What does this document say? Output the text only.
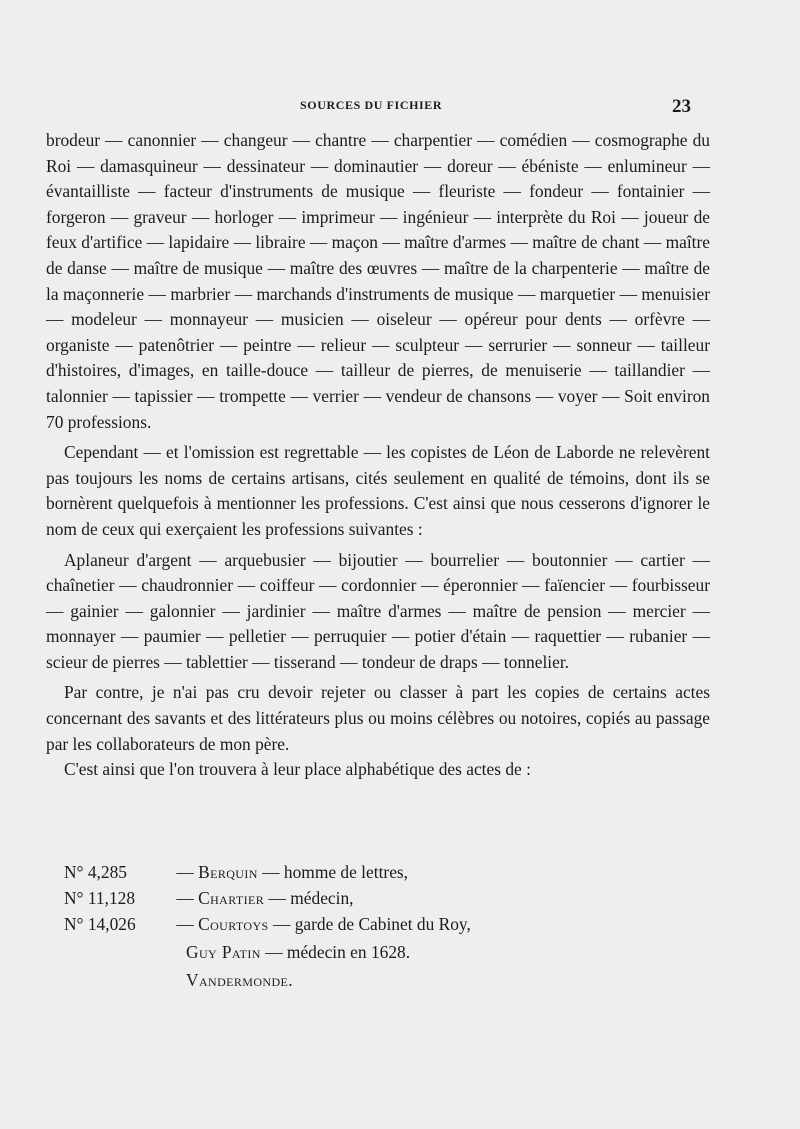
SOURCES DU FICHIER	23

brodeur — canonnier — changeur — chantre — charpentier — comédien — cosmographe du Roi — damasquineur — dessinateur — dominautier — doreur — ébéniste — enlumineur — évantailliste — facteur d'instruments de musique — fleuriste — fondeur — fontainier — forgeron — graveur — horloger — imprimeur — ingénieur — interprète du Roi — joueur de feux d'artifice — lapidaire — libraire — maçon — maître d'armes — maître de chant — maître de danse — maître de musique — maître des œuvres — maître de la charpenterie — maître de la maçonnerie — marbrier — marchands d'instruments de musique — marquetier — menuisier — modeleur — monnayeur — musicien — oiseleur — opéreur pour dents — orfèvre — organiste — patenôtrier — peintre — relieur — sculpteur — serrurier — sonneur — tailleur d'histoires, d'images, en taille-douce — tailleur de pierres, de menuiserie — taillandier — talonnier — tapissier — trompette — verrier — vendeur de chansons — voyer — Soit environ 70 professions.

Cependant — et l'omission est regrettable — les copistes de Léon de Laborde ne relevèrent pas toujours les noms de certains artisans, cités seulement en qualité de témoins, dont ils se bornèrent quelquefois à mentionner les professions. C'est ainsi que nous cesserons d'ignorer le nom de ceux qui exerçaient les professions suivantes :

Aplaneur d'argent — arquebusier — bijoutier — bourrelier — boutonnier — cartier — chaînetier — chaudronnier — coiffeur — cordonnier — éperonnier — faïencier — fourbisseur — gainier — galonnier — jardinier — maître d'armes — maître de pension — mercier — monnayer — paumier — pelletier — perruquier — potier d'étain — raquettier — rubanier — scieur de pierres — tablettier — tisserand — tondeur de draps — tonnelier.

Par contre, je n'ai pas cru devoir rejeter ou classer à part les copies de certains actes concernant des savants et des littérateurs plus ou moins célèbres ou notoires, copiés au passage par les collaborateurs de mon père.

C'est ainsi que l'on trouvera à leur place alphabétique des actes de :

N° 4,285	— Berquin — homme de lettres,
N° 11,128 — Chartier — médecin,
N° 14,026 — Courtoys — garde de Cabinet du Roy,
Guy Patin — médecin en 1628.
Vandermonde.
